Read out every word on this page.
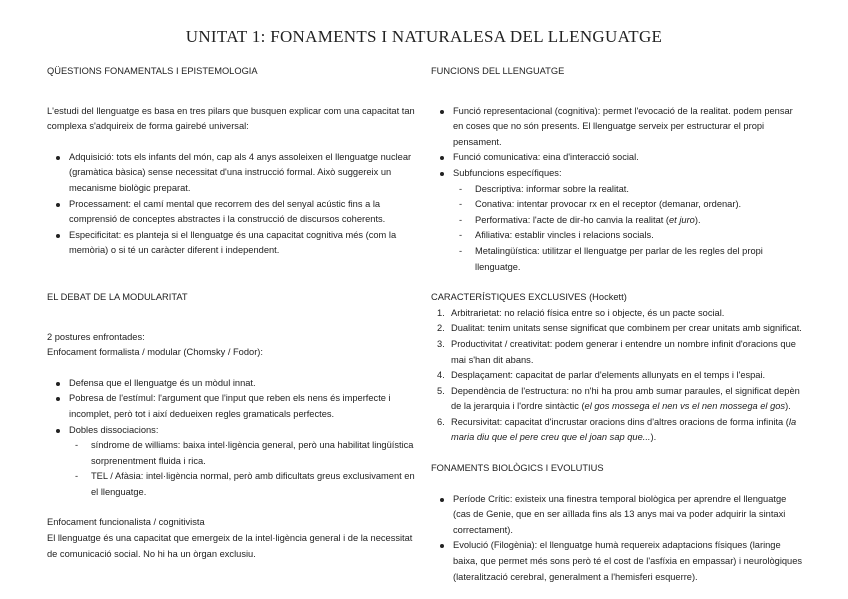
UNITAT 1: FONAMENTS I NATURALESA DEL LLENGUATGE

QÜESTIONS FONAMENTALS I EPISTEMOLOGIA

L'estudi del llenguatge es basa en tres pilars que busquen explicar com una capacitat tan complexa s'adquireix de forma gairebé universal:

Adquisició: tots els infants del món, cap als 4 anys assoleixen el llenguatge nuclear (gramàtica bàsica) sense necessitat d'una instrucció formal. Això suggereix un mecanisme biològic preparat.
Processament: el camí mental que recorrem des del senyal acústic fins a la comprensió de conceptes abstractes i la construcció de discursos coherents.
Especificitat: es planteja si el llenguatge és una capacitat cognitiva més (com la memòria) o si té un caràcter diferent i independent.

EL DEBAT DE LA MODULARITAT

2 postures enfrontades:

Enfocament formalista / modular (Chomsky / Fodor):

Defensa que el llenguatge és un mòdul innat.
Pobresa de l'estímul: l'argument que l'input que reben els nens és imperfecte i incomplet, però tot i així dedueixen regles gramaticals perfectes.
Dobles dissociacions:
- síndrome de williams: baixa intel·ligència general, però una habilitat lingüística sorprenentment fluida i rica.
- TEL / Afàsia: intel·ligència normal, però amb dificultats greus exclusivament en el llenguatge.

Enfocament funcionalista / cognitivista

El llenguatge és una capacitat que emergeix de la intel·ligència general i de la necessitat de comunicació social. No hi ha un òrgan exclusiu.

FUNCIONS DEL LLENGUATGE

Funció representacional (cognitiva): permet l'evocació de la realitat. podem pensar en coses que no són presents. El llenguatge serveix per estructurar el propi pensament.
Funció comunicativa: eina d'interacció social.
Subfuncions específiques:
- Descriptiva: informar sobre la realitat.
- Conativa: intentar provocar rx en el receptor (demanar, ordenar).
- Performativa: l'acte de dir-ho canvia la realitat (et juro).
- Afiliativa: establir vincles i relacions socials.
- Metalingüística: utilitzar el llenguatge per parlar de les regles del propi llenguatge.

CARACTERÍSTIQUES EXCLUSIVES (Hockett)

1. Arbitrarietat: no relació física entre so i objecte, és un pacte social.
2. Dualitat: tenim unitats sense significat que combinem per crear unitats amb significat.
3. Productivitat / creativitat: podem generar i entendre un nombre infinit d'oracions que mai s'han dit abans.
4. Desplaçament: capacitat de parlar d'elements allunyats en el temps i l'espai.
5. Dependència de l'estructura: no n'hi ha prou amb sumar paraules, el significat depèn de la jerarquia i l'ordre sintàctic (el gos mossega el nen vs el nen mossega el gos).
6. Recursivitat: capacitat d'incrustar oracions dins d'altres oracions de forma infinita (la maria diu que el pere creu que el joan sap que...).

FONAMENTS BIOLÒGICS I EVOLUTIUS

Període Crític: existeix una finestra temporal biològica per aprendre el llenguatge (cas de Genie, que en ser aïllada fins als 13 anys mai va poder adquirir la sintaxi correctament).
Evolució (Filogènia): el llenguatge humà requereix adaptacions físiques (laringe baixa, que permet més sons però té el cost de l'asfíxia en empassar) i neurològiques (lateralització cerebral, generalment a l'hemisferi esquerre).
